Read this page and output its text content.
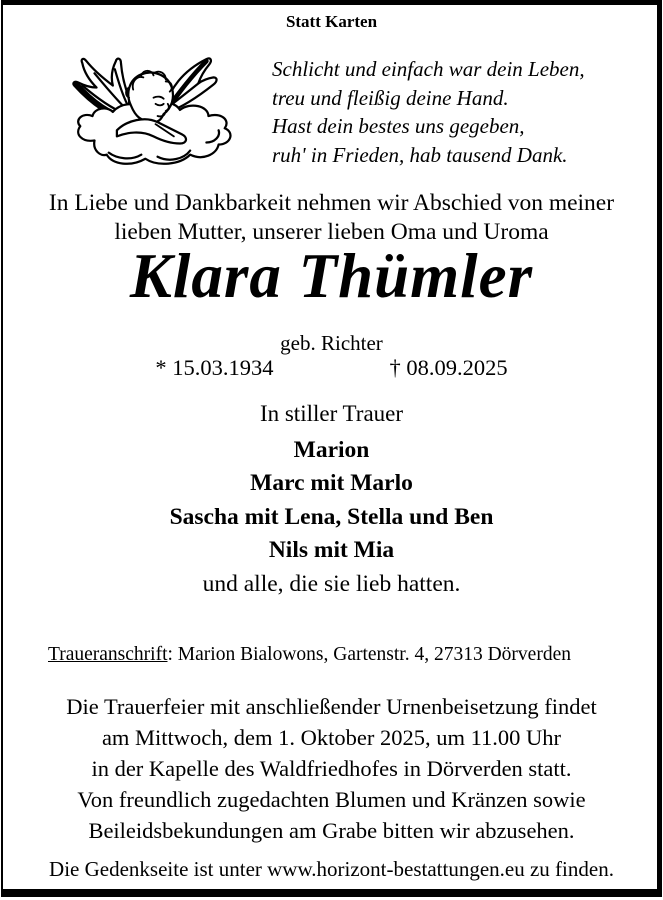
Statt Karten
Schlicht und einfach war dein Leben,
treu und fleißig deine Hand.
Hast dein bestes uns gegeben,
ruh' in Frieden, hab tausend Dank.
In Liebe und Dankbarkeit nehmen wir Abschied von meiner
lieben Mutter, unserer lieben Oma und Uroma
Klara Thümler
geb. Richter
* 15.03.1934	† 08.09.2025
In stiller Trauer
Marion
Marc mit Marlo
Sascha mit Lena, Stella und Ben
Nils mit Mia
und alle, die sie lieb hatten.
Traueranschrift: Marion Bialowons, Gartenstr. 4, 27313 Dörverden
Die Trauerfeier mit anschließender Urnenbeisetzung findet
am Mittwoch, dem 1. Oktober 2025, um 11.00 Uhr
in der Kapelle des Waldfriedhofes in Dörverden statt.
Von freundlich zugedachten Blumen und Kränzen sowie
Beileidsbekundungen am Grabe bitten wir abzusehen.
Die Gedenkseite ist unter www.horizont-bestattungen.eu zu finden.
